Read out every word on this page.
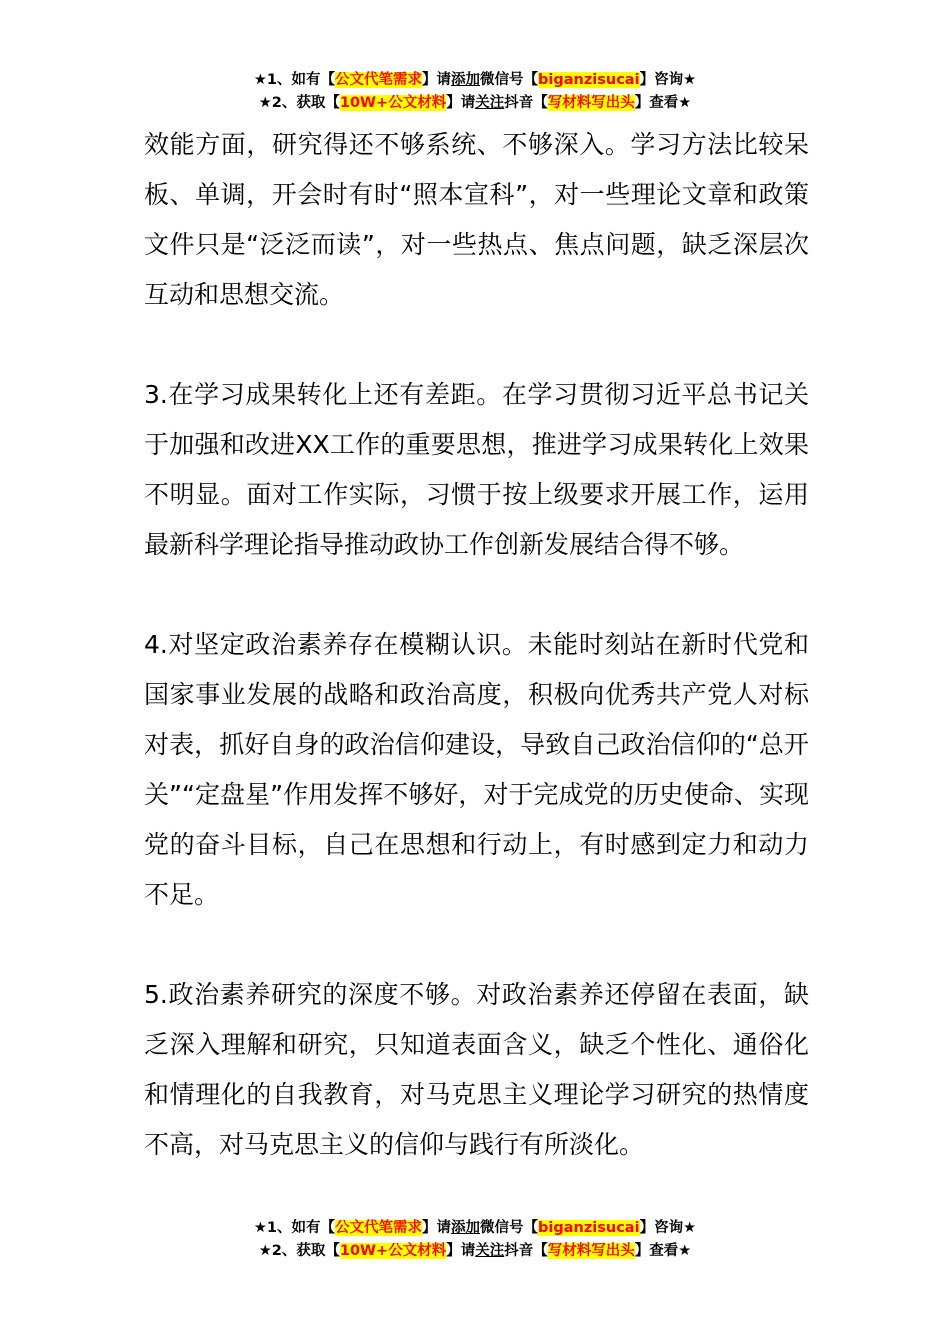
★1、如有【公文代笔需求】请添加微信号【biganzisucai】咨询★
★2、获取【10W+公文材料】请关注抖音【写材料写出头】查看★

效能方面，研究得还不够系统、不够深入。学习方法比较呆板、单调，开会时有时“照本宣科”，对一些理论文章和政策文件只是“泛泛而读”，对一些热点、焦点问题，缺乏深层次互动和思想交流。

3.在学习成果转化上还有差距。在学习贯彻习近平总书记关于加强和改进XX工作的重要思想，推进学习成果转化上效果不明显。面对工作实际，习惯于按上级要求开展工作，运用最新科学理论指导推动政协工作创新发展结合得不够。

4.对坚定政治素养存在模糊认识。未能时刻站在新时代党和国家事业发展的战略和政治高度，积极向优秀共产党人对标对表，抓好自身的政治信仰建设，导致自己政治信仰的“总开关”“定盘星”作用发挥不够好，对于完成党的历史使命、实现党的奋斗目标，自己在思想和行动上，有时感到定力和动力不足。

5.政治素养研究的深度不够。对政治素养还停留在表面，缺乏深入理解和研究，只知道表面含义，缺乏个性化、通俗化和情理化的自我教育，对马克思主义理论学习研究的热情度不高，对马克思主义的信仰与践行有所淡化。

★1、如有【公文代笔需求】请添加微信号【biganzisucai】咨询★
★2、获取【10W+公文材料】请关注抖音【写材料写出头】查看★
